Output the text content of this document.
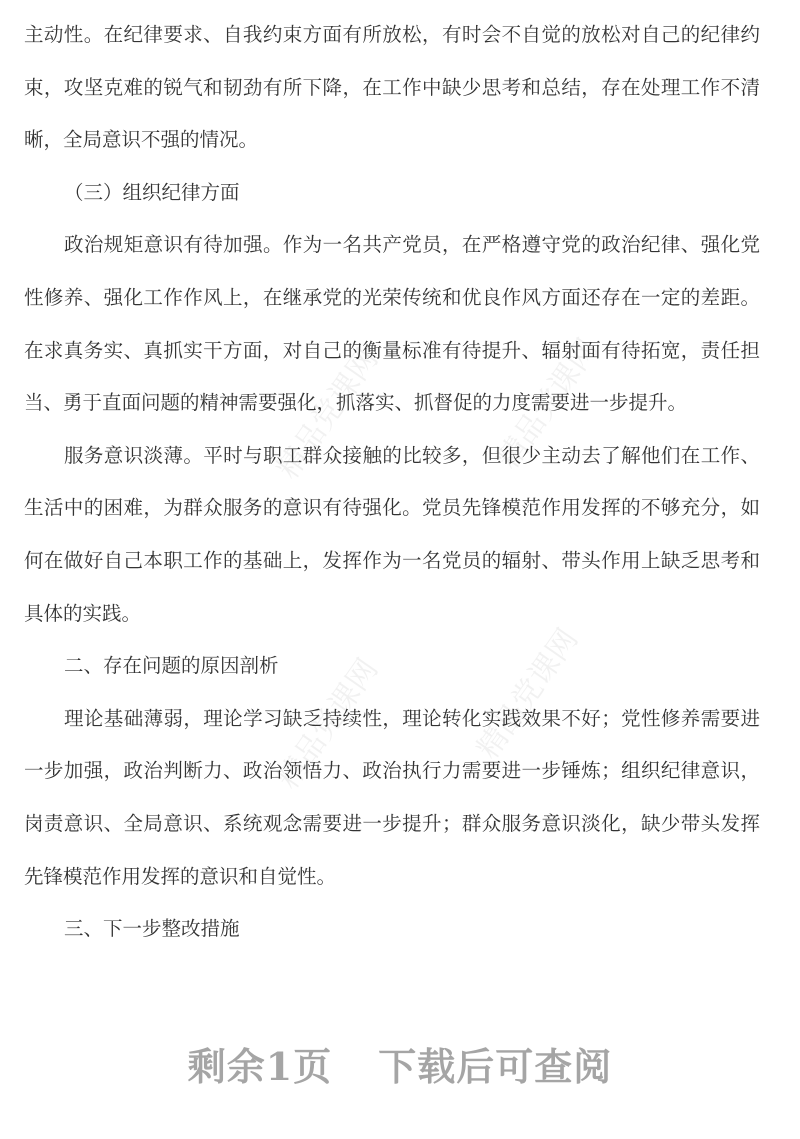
精品党课网	精品党课网
精品党课网	精品党课网
主动性。在纪律要求、自我约束方面有所放松，有时会不自觉的放松对自己的纪律约
束，攻坚克难的锐气和韧劲有所下降，在工作中缺少思考和总结，存在处理工作不清
晰，全局意识不强的情况。
（三）组织纪律方面
政治规矩意识有待加强。作为一名共产党员，在严格遵守党的政治纪律、强化党
性修养、强化工作作风上，在继承党的光荣传统和优良作风方面还存在一定的差距。
在求真务实、真抓实干方面，对自己的衡量标准有待提升、辐射面有待拓宽，责任担
当、勇于直面问题的精神需要强化，抓落实、抓督促的力度需要进一步提升。
服务意识淡薄。平时与职工群众接触的比较多，但很少主动去了解他们在工作、
生活中的困难，为群众服务的意识有待强化。党员先锋模范作用发挥的不够充分，如
何在做好自己本职工作的基础上，发挥作为一名党员的辐射、带头作用上缺乏思考和
具体的实践。
二、存在问题的原因剖析
理论基础薄弱，理论学习缺乏持续性，理论转化实践效果不好；党性修养需要进
一步加强，政治判断力、政治领悟力、政治执行力需要进一步锤炼；组织纪律意识，
岗责意识、全局意识、系统观念需要进一步提升；群众服务意识淡化，缺少带头发挥
先锋模范作用发挥的意识和自觉性。
三、下一步整改措施
剩余1页 下载后可查阅
